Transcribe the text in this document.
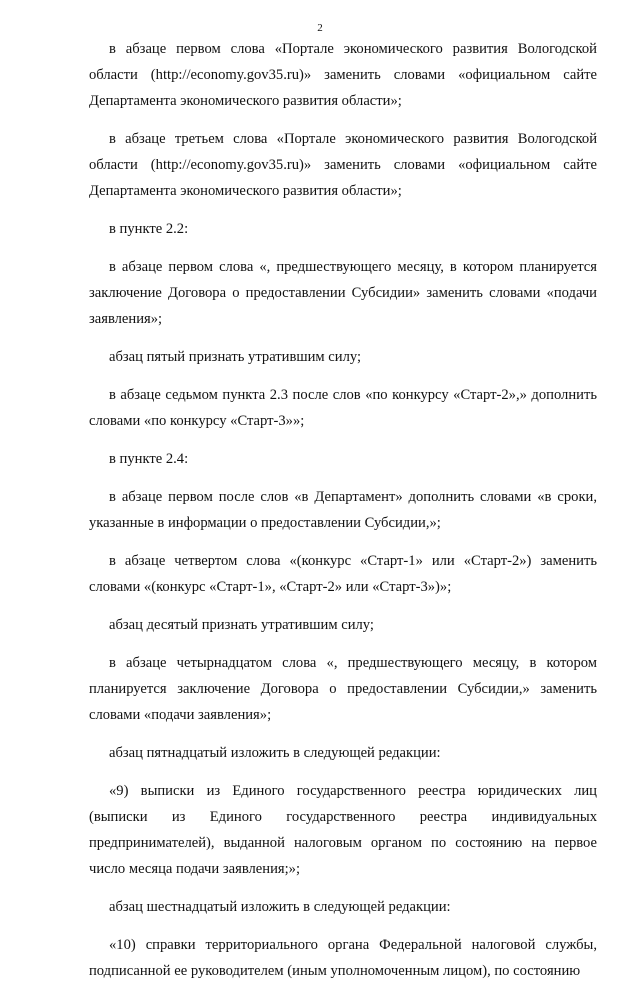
2

в абзаце первом слова «Портале экономического развития Вологодской области (http://economy.gov35.ru)» заменить словами «официальном сайте Департамента экономического развития области»;

в абзаце третьем слова «Портале экономического развития Вологодской области (http://economy.gov35.ru)» заменить словами «официальном сайте Департамента экономического развития области»;

в пункте 2.2:

в абзаце первом слова «, предшествующего месяцу, в котором планируется заключение Договора о предоставлении Субсидии» заменить словами «подачи заявления»;

абзац пятый признать утратившим силу;

в абзаце седьмом пункта 2.3 после слов «по конкурсу «Старт-2»,» дополнить словами «по конкурсу «Старт-3»»;

в пункте 2.4:

в абзаце первом после слов «в Департамент» дополнить словами «в сроки, указанные в информации о предоставлении Субсидии,»;

в абзаце четвертом слова «(конкурс «Старт-1» или «Старт-2») заменить словами «(конкурс «Старт-1», «Старт-2» или «Старт-3»)»;

абзац десятый признать утратившим силу;

в абзаце четырнадцатом слова «, предшествующего месяцу, в котором планируется заключение Договора о предоставлении Субсидии,» заменить словами «подачи заявления»;

абзац пятнадцатый изложить в следующей редакции:

«9) выписки из Единого государственного реестра юридических лиц (выписки из Единого государственного реестра индивидуальных предпринимателей), выданной налоговым органом по состоянию на первое число месяца подачи заявления;»;

абзац шестнадцатый изложить в следующей редакции:

«10) справки территориального органа Федеральной налоговой службы, подписанной ее руководителем (иным уполномоченным лицом), по состоянию
